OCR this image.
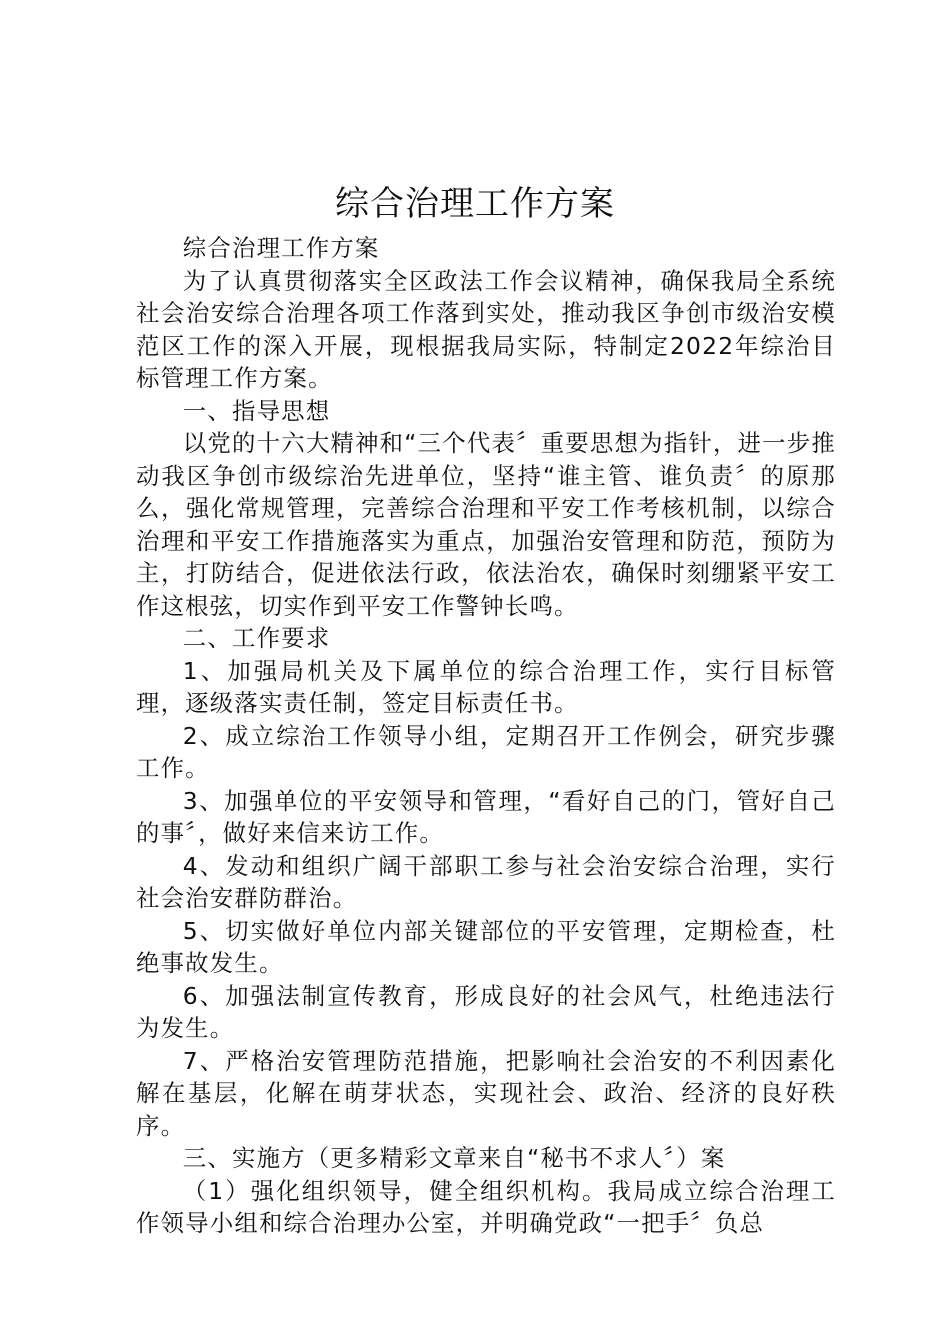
综合治理工作方案

综合治理工作方案

为了认真贯彻落实全区政法工作会议精神，确保我局全系统社会治安综合治理各项工作落到实处，推动我区争创市级治安模范区工作的深入开展，现根据我局实际，特制定2022年综治目标管理工作方案。

一、指导思想

以党的十六大精神和“三个代表〞重要思想为指针，进一步推动我区争创市级综治先进单位，坚持“谁主管、谁负责〞的原那么，强化常规管理，完善综合治理和平安工作考核机制，以综合治理和平安工作措施落实为重点，加强治安管理和防范，预防为主，打防结合，促进依法行政，依法治农，确保时刻绷紧平安工作这根弦，切实作到平安工作警钟长鸣。

二、工作要求

1、加强局机关及下属单位的综合治理工作，实行目标管理，逐级落实责任制，签定目标责任书。

2、成立综治工作领导小组，定期召开工作例会，研究步骤工作。

3、加强单位的平安领导和管理，“看好自己的门，管好自己的事〞，做好来信来访工作。

4、发动和组织广阔干部职工参与社会治安综合治理，实行社会治安群防群治。

5、切实做好单位内部关键部位的平安管理，定期检查，杜绝事故发生。

6、加强法制宣传教育，形成良好的社会风气，杜绝违法行为发生。

7、严格治安管理防范措施，把影响社会治安的不利因素化解在基层，化解在萌芽状态，实现社会、政治、经济的良好秩序。

三、实施方（更多精彩文章来自“秘书不求人〞）案

（1）强化组织领导，健全组织机构。我局成立综合治理工作领导小组和综合治理办公室，并明确党政“一把手〞负总
